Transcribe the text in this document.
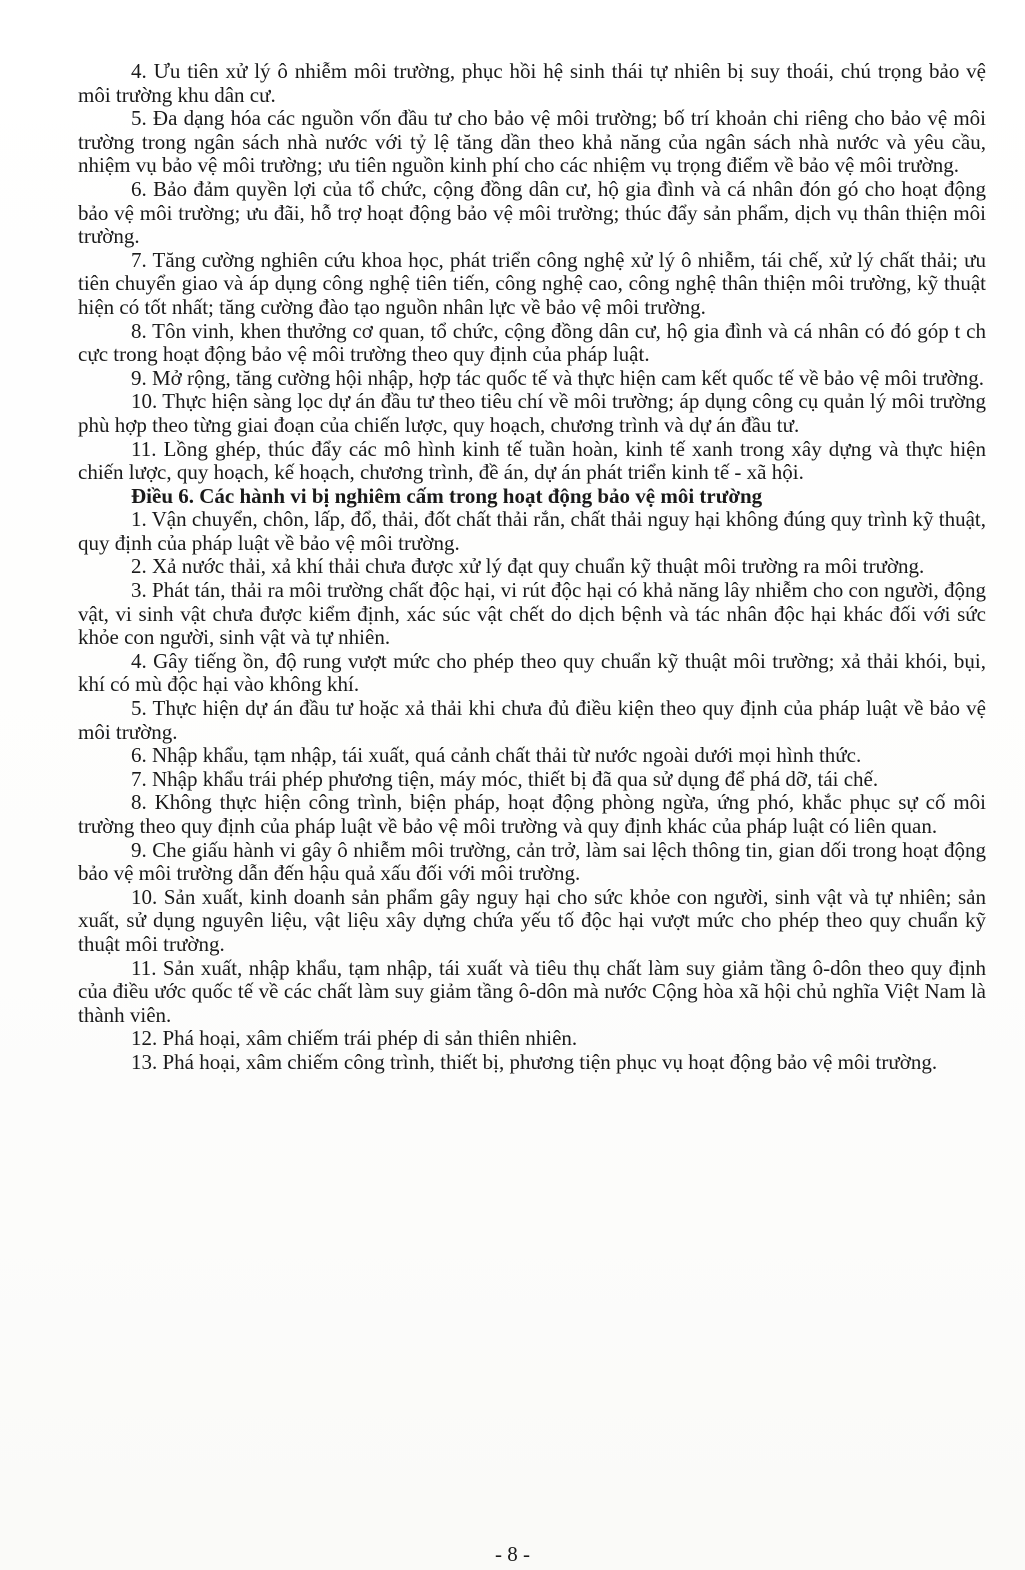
4. Ưu tiên xử lý ô nhiễm môi trường, phục hồi hệ sinh thái tự nhiên bị suy thoái, chú trọng bảo vệ môi trường khu dân cư.

5. Đa dạng hóa các nguồn vốn đầu tư cho bảo vệ môi trường; bố trí khoản chi riêng cho bảo vệ môi trường trong ngân sách nhà nước với tỷ lệ tăng dần theo khả năng của ngân sách nhà nước và yêu cầu, nhiệm vụ bảo vệ môi trường; ưu tiên nguồn kinh phí cho các nhiệm vụ trọng điểm về bảo vệ môi trường.

6. Bảo đảm quyền lợi của tổ chức, cộng đồng dân cư, hộ gia đình và cá nhân đón gó cho hoạt động bảo vệ môi trường; ưu đãi, hỗ trợ hoạt động bảo vệ môi trường; thúc đẩy sản phẩm, dịch vụ thân thiện môi trường.

7. Tăng cường nghiên cứu khoa học, phát triển công nghệ xử lý ô nhiễm, tái chế, xử lý chất thải; ưu tiên chuyển giao và áp dụng công nghệ tiên tiến, công nghệ cao, công nghệ thân thiện môi trường, kỹ thuật hiện có tốt nhất; tăng cường đào tạo nguồn nhân lực về bảo vệ môi trường.

8. Tôn vinh, khen thưởng cơ quan, tổ chức, cộng đồng dân cư, hộ gia đình và cá nhân có đó góp t ch cực trong hoạt động bảo vệ môi trường theo quy định của pháp luật.

9. Mở rộng, tăng cường hội nhập, hợp tác quốc tế và thực hiện cam kết quốc tế về bảo vệ môi trường.

10. Thực hiện sàng lọc dự án đầu tư theo tiêu chí về môi trường; áp dụng công cụ quản lý môi trường phù hợp theo từng giai đoạn của chiến lược, quy hoạch, chương trình và dự án đầu tư.

11. Lồng ghép, thúc đẩy các mô hình kinh tế tuần hoàn, kinh tế xanh trong xây dựng và thực hiện chiến lược, quy hoạch, kế hoạch, chương trình, đề án, dự án phát triển kinh tế - xã hội.

Điều 6. Các hành vi bị nghiêm cấm trong hoạt động bảo vệ môi trường

1. Vận chuyển, chôn, lấp, đổ, thải, đốt chất thải rắn, chất thải nguy hại không đúng quy trình kỹ thuật, quy định của pháp luật về bảo vệ môi trường.

2. Xả nước thải, xả khí thải chưa được xử lý đạt quy chuẩn kỹ thuật môi trường ra môi trường.

3. Phát tán, thải ra môi trường chất độc hại, vi rút độc hại có khả năng lây nhiễm cho con người, động vật, vi sinh vật chưa được kiểm định, xác súc vật chết do dịch bệnh và tác nhân độc hại khác đối với sức khỏe con người, sinh vật và tự nhiên.

4. Gây tiếng ồn, độ rung vượt mức cho phép theo quy chuẩn kỹ thuật môi trường; xả thải khói, bụi, khí có mù độc hại vào không khí.

5. Thực hiện dự án đầu tư hoặc xả thải khi chưa đủ điều kiện theo quy định của pháp luật về bảo vệ môi trường.

6. Nhập khẩu, tạm nhập, tái xuất, quá cảnh chất thải từ nước ngoài dưới mọi hình thức.

7. Nhập khẩu trái phép phương tiện, máy móc, thiết bị đã qua sử dụng để phá dỡ, tái chế.

8. Không thực hiện công trình, biện pháp, hoạt động phòng ngừa, ứng phó, khắc phục sự cố môi trường theo quy định của pháp luật về bảo vệ môi trường và quy định khác của pháp luật có liên quan.

9. Che giấu hành vi gây ô nhiễm môi trường, cản trở, làm sai lệch thông tin, gian dối trong hoạt động bảo vệ môi trường dẫn đến hậu quả xấu đối với môi trường.

10. Sản xuất, kinh doanh sản phẩm gây nguy hại cho sức khỏe con người, sinh vật và tự nhiên; sản xuất, sử dụng nguyên liệu, vật liệu xây dựng chứa yếu tố độc hại vượt mức cho phép theo quy chuẩn kỹ thuật môi trường.

11. Sản xuất, nhập khẩu, tạm nhập, tái xuất và tiêu thụ chất làm suy giảm tầng ô-dôn theo quy định của điều ước quốc tế về các chất làm suy giảm tầng ô-dôn mà nước Cộng hòa xã hội chủ nghĩa Việt Nam là thành viên.

12. Phá hoại, xâm chiếm trái phép di sản thiên nhiên.

13. Phá hoại, xâm chiếm công trình, thiết bị, phương tiện phục vụ hoạt động bảo vệ môi trường.

- 8 -
